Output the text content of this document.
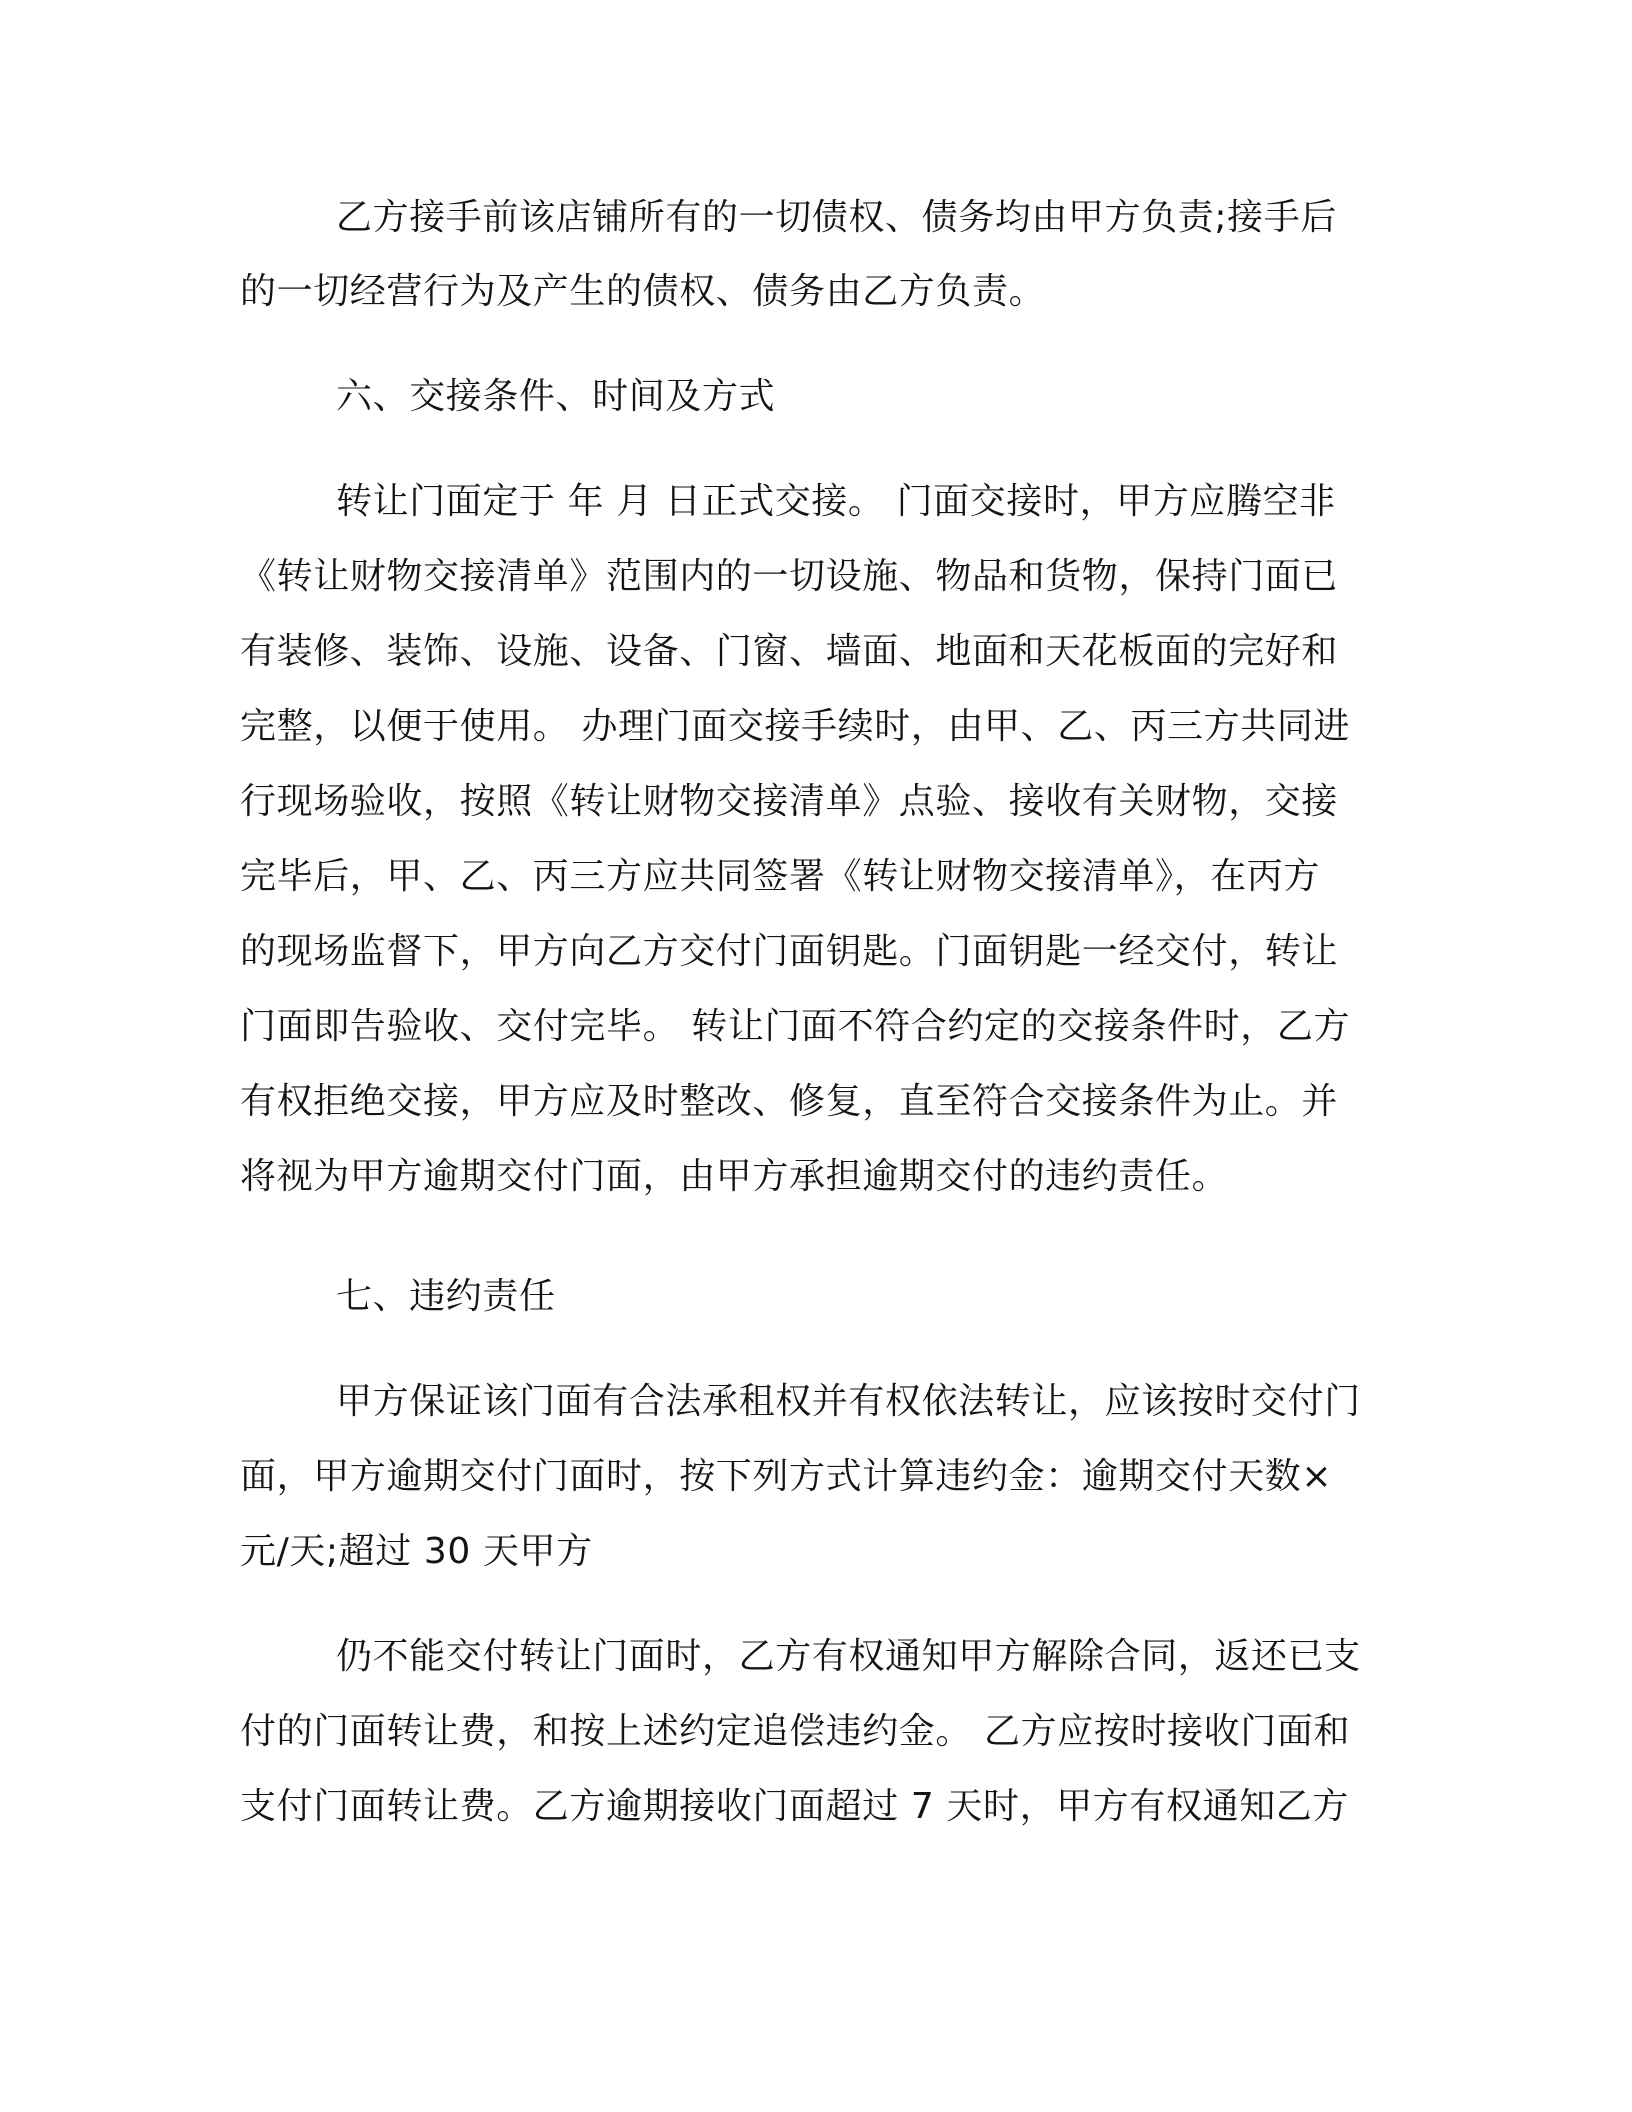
乙方接手前该店铺所有的一切债权、债务均由甲方负责;接手后
的一切经营行为及产生的债权、债务由乙方负责。
六、交接条件、时间及方式
转让门面定于 年 月 日正式交接。 门面交接时，甲方应腾空非
《转让财物交接清单》范围内的一切设施、物品和货物，保持门面已
有装修、装饰、设施、设备、门窗、墙面、地面和天花板面的完好和
完整，以便于使用。 办理门面交接手续时，由甲、乙、丙三方共同进
行现场验收，按照《转让财物交接清单》点验、接收有关财物，交接
完毕后，甲、乙、丙三方应共同签署《转让财物交接清单》，在丙方
的现场监督下，甲方向乙方交付门面钥匙。门面钥匙一经交付，转让
门面即告验收、交付完毕。 转让门面不符合约定的交接条件时，乙方
有权拒绝交接，甲方应及时整改、修复，直至符合交接条件为止。并
将视为甲方逾期交付门面，由甲方承担逾期交付的违约责任。
七、违约责任
甲方保证该门面有合法承租权并有权依法转让，应该按时交付门
面，甲方逾期交付门面时，按下列方式计算违约金：逾期交付天数×
元/天;超过 30 天甲方
仍不能交付转让门面时，乙方有权通知甲方解除合同，返还已支
付的门面转让费，和按上述约定追偿违约金。 乙方应按时接收门面和
支付门面转让费。乙方逾期接收门面超过 7 天时，甲方有权通知乙方
